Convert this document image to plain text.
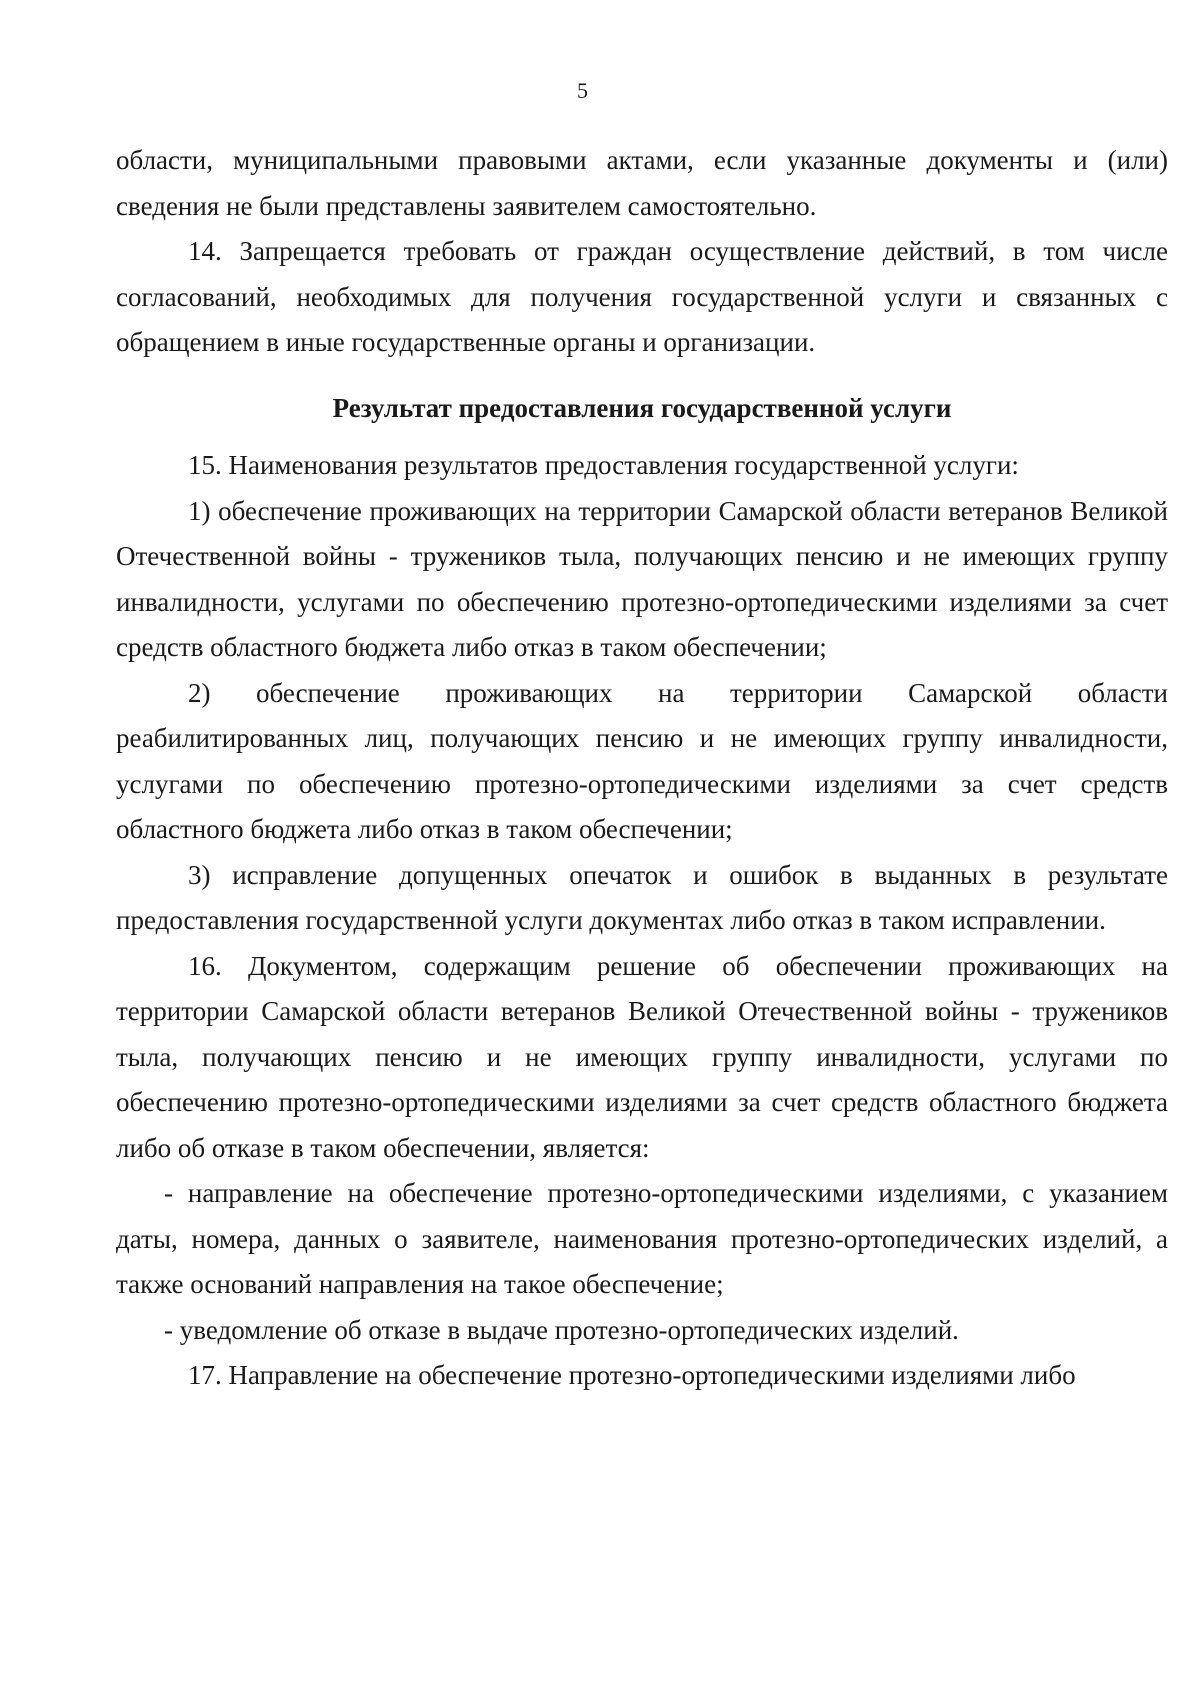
5

области, муниципальными правовыми актами, если указанные документы и (или) сведения не были представлены заявителем самостоятельно.

14. Запрещается требовать от граждан осуществление действий, в том числе согласований, необходимых для получения государственной услуги и связанных с обращением в иные государственные органы и организации.

Результат предоставления государственной услуги

15. Наименования результатов предоставления государственной услуги:

1) обеспечение проживающих на территории Самарской области ветеранов Великой Отечественной войны - тружеников тыла, получающих пенсию и не имеющих группу инвалидности, услугами по обеспечению протезно-ортопедическими изделиями за счет средств областного бюджета либо отказ в таком обеспечении;

2) обеспечение проживающих на территории Самарской области реабилитированных лиц, получающих пенсию и не имеющих группу инвалидности, услугами по обеспечению протезно-ортопедическими изделиями за счет средств областного бюджета либо отказ в таком обеспечении;

3) исправление допущенных опечаток и ошибок в выданных в результате предоставления государственной услуги документах либо отказ в таком исправлении.

16. Документом, содержащим решение об обеспечении проживающих на территории Самарской области ветеранов Великой Отечественной войны - тружеников тыла, получающих пенсию и не имеющих группу инвалидности, услугами по обеспечению протезно-ортопедическими изделиями за счет средств областного бюджета либо об отказе в таком обеспечении, является:

- направление на обеспечение протезно-ортопедическими изделиями, с указанием даты, номера, данных о заявителе, наименования протезно-ортопедических изделий, а также оснований направления на такое обеспечение;

- уведомление об отказе в выдаче протезно-ортопедических изделий.

17. Направление на обеспечение протезно-ортопедическими изделиями либо
